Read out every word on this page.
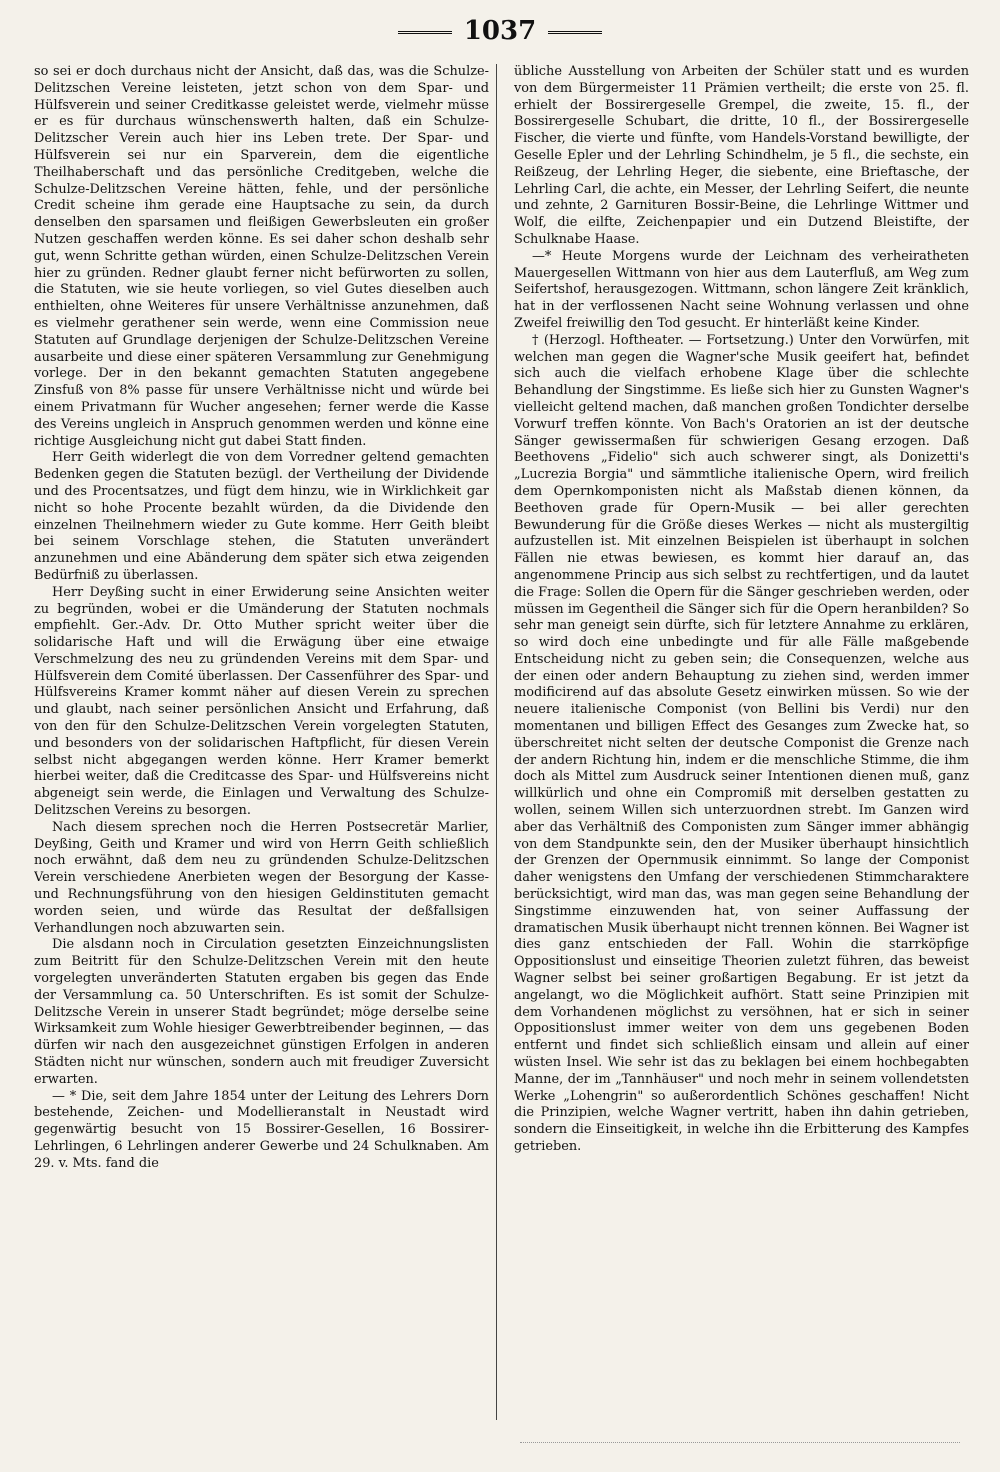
1037

so sei er doch durchaus nicht der Ansicht, daß das, was die Schulze-Delitzschen Vereine leisteten, jetzt schon von dem Spar- und Hülfsverein und seiner Creditkasse geleistet werde, vielmehr müsse er es für durchaus wünschenswerth halten, daß ein Schulze-Delitzscher Verein auch hier ins Leben trete. Der Spar- und Hülfsverein sei nur ein Sparverein, dem die eigentliche Theilhaberschaft und das persönliche Creditgeben, welche die Schulze-Delitzschen Vereine hätten, fehle, und der persönliche Credit scheine ihm gerade eine Hauptsache zu sein, da durch denselben den sparsamen und fleißigen Gewerbsleuten ein großer Nutzen geschaffen werden könne. Es sei daher schon deshalb sehr gut, wenn Schritte gethan würden, einen Schulze-Delitzschen Verein hier zu gründen. Redner glaubt ferner nicht befürworten zu sollen, die Statuten, wie sie heute vorliegen, so viel Gutes dieselben auch enthielten, ohne Weiteres für unsere Verhältnisse anzunehmen, daß es vielmehr gerathener sein werde, wenn eine Commission neue Statuten auf Grundlage derjenigen der Schulze-Delitzschen Vereine ausarbeite und diese einer späteren Versammlung zur Genehmigung vorlege. Der in den bekannt gemachten Statuten angegebene Zinsfuß von 8% passe für unsere Verhältnisse nicht und würde bei einem Privatmann für Wucher angesehen; ferner werde die Kasse des Vereins ungleich in Anspruch genommen werden und könne eine richtige Ausgleichung nicht gut dabei Statt finden.

Herr Geith widerlegt die von dem Vorredner geltend gemachten Bedenken gegen die Statuten bezügl. der Vertheilung der Dividende und des Procentsatzes, und fügt dem hinzu, wie in Wirklichkeit gar nicht so hohe Procente bezahlt würden, da die Dividende den einzelnen Theilnehmern wieder zu Gute komme. Herr Geith bleibt bei seinem Vorschlage stehen, die Statuten unverändert anzunehmen und eine Abänderung dem später sich etwa zeigenden Bedürfniß zu überlassen.

Herr Deyßing sucht in einer Erwiderung seine Ansichten weiter zu begründen, wobei er die Umänderung der Statuten nochmals empfiehlt. Ger.-Adv. Dr. Otto Muther spricht weiter über die solidarische Haft und will die Erwägung über eine etwaige Verschmelzung des neu zu gründenden Vereins mit dem Spar- und Hülfsverein dem Comité überlassen. Der Cassenführer des Spar- und Hülfsvereins Kramer kommt näher auf diesen Verein zu sprechen und glaubt, nach seiner persönlichen Ansicht und Erfahrung, daß von den für den Schulze-Delitzschen Verein vorgelegten Statuten, und besonders von der solidarischen Haftpflicht, für diesen Verein selbst nicht abgegangen werden könne. Herr Kramer bemerkt hierbei weiter, daß die Creditcasse des Spar- und Hülfsvereins nicht abgeneigt sein werde, die Einlagen und Verwaltung des Schulze-Delitzschen Vereins zu besorgen.

Nach diesem sprechen noch die Herren Postsecretär Marlier, Deyßing, Geith und Kramer und wird von Herrn Geith schließlich noch erwähnt, daß dem neu zu gründenden Schulze-Delitzschen Verein verschiedene Anerbieten wegen der Besorgung der Kasse- und Rechnungsführung von den hiesigen Geldinstituten gemacht worden seien, und würde das Resultat der deßfallsigen Verhandlungen noch abzuwarten sein.

Die alsdann noch in Circulation gesetzten Einzeichnungslisten zum Beitritt für den Schulze-Delitzschen Verein mit den heute vorgelegten unveränderten Statuten ergaben bis gegen das Ende der Versammlung ca. 50 Unterschriften. Es ist somit der Schulze-Delitzsche Verein in unserer Stadt begründet; möge derselbe seine Wirksamkeit zum Wohle hiesiger Gewerbtreibender beginnen, — das dürfen wir nach den ausgezeichnet günstigen Erfolgen in anderen Städten nicht nur wünschen, sondern auch mit freudiger Zuversicht erwarten.

— * Die, seit dem Jahre 1854 unter der Leitung des Lehrers Dorn bestehende, Zeichen- und Modellieranstalt in Neustadt wird gegenwärtig besucht von 15 Bossirer-Gesellen, 16 Bossirer-Lehrlingen, 6 Lehrlingen anderer Gewerbe und 24 Schulknaben. Am 29. v. Mts. fand die

übliche Ausstellung von Arbeiten der Schüler statt und es wurden von dem Bürgermeister 11 Prämien vertheilt; die erste von 25. fl. erhielt der Bossirergeselle Grempel, die zweite, 15. fl., der Bossirergeselle Schubart, die dritte, 10 fl., der Bossirergeselle Fischer, die vierte und fünfte, vom Handels-Vorstand bewilligte, der Geselle Epler und der Lehrling Schindhelm, je 5 fl., die sechste, ein Reißzeug, der Lehrling Heger, die siebente, eine Brieftasche, der Lehrling Carl, die achte, ein Messer, der Lehrling Seifert, die neunte und zehnte, 2 Garnituren Bossir-Beine, die Lehrlinge Wittmer und Wolf, die eilfte, Zeichenpapier und ein Dutzend Bleistifte, der Schulknabe Haase.

—* Heute Morgens wurde der Leichnam des verheiratheten Mauergesellen Wittmann von hier aus dem Lauterfluß, am Weg zum Seifertshof, herausgezogen. Wittmann, schon längere Zeit kränklich, hat in der verflossenen Nacht seine Wohnung verlassen und ohne Zweifel freiwillig den Tod gesucht. Er hinterläßt keine Kinder.

† (Herzogl. Hoftheater. — Fortsetzung.) Unter den Vorwürfen, mit welchen man gegen die Wagner'sche Musik geeifert hat, befindet sich auch die vielfach erhobene Klage über die schlechte Behandlung der Singstimme. Es ließe sich hier zu Gunsten Wagner's vielleicht geltend machen, daß manchen großen Tondichter derselbe Vorwurf treffen könnte. Von Bach's Oratorien an ist der deutsche Sänger gewissermaßen für schwierigen Gesang erzogen. Daß Beethovens „Fidelio" sich auch schwerer singt, als Donizetti's „Lucrezia Borgia" und sämmtliche italienische Opern, wird freilich dem Opernkomponisten nicht als Maßstab dienen können, da Beethoven grade für Opern-Musik — bei aller gerechten Bewunderung für die Größe dieses Werkes — nicht als mustergiltig aufzustellen ist. Mit einzelnen Beispielen ist überhaupt in solchen Fällen nie etwas bewiesen, es kommt hier darauf an, das angenommene Princip aus sich selbst zu rechtfertigen, und da lautet die Frage: Sollen die Opern für die Sänger geschrieben werden, oder müssen im Gegentheil die Sänger sich für die Opern heranbilden? So sehr man geneigt sein dürfte, sich für letztere Annahme zu erklären, so wird doch eine unbedingte und für alle Fälle maßgebende Entscheidung nicht zu geben sein; die Consequenzen, welche aus der einen oder andern Behauptung zu ziehen sind, werden immer modificirend auf das absolute Gesetz einwirken müssen. So wie der neuere italienische Componist (von Bellini bis Verdi) nur den momentanen und billigen Effect des Gesanges zum Zwecke hat, so überschreitet nicht selten der deutsche Componist die Grenze nach der andern Richtung hin, indem er die menschliche Stimme, die ihm doch als Mittel zum Ausdruck seiner Intentionen dienen muß, ganz willkürlich und ohne ein Compromiß mit derselben gestatten zu wollen, seinem Willen sich unterzuordnen strebt. Im Ganzen wird aber das Verhältniß des Componisten zum Sänger immer abhängig von dem Standpunkte sein, den der Musiker überhaupt hinsichtlich der Grenzen der Opernmusik einnimmt. So lange der Componist daher wenigstens den Umfang der verschiedenen Stimmcharaktere berücksichtigt, wird man das, was man gegen seine Behandlung der Singstimme einzuwenden hat, von seiner Auffassung der dramatischen Musik überhaupt nicht trennen können. Bei Wagner ist dies ganz entschieden der Fall. Wohin die starrköpfige Oppositionslust und einseitige Theorien zuletzt führen, das beweist Wagner selbst bei seiner großartigen Begabung. Er ist jetzt da angelangt, wo die Möglichkeit aufhört. Statt seine Prinzipien mit dem Vorhandenen möglichst zu versöhnen, hat er sich in seiner Oppositionslust immer weiter von dem uns gegebenen Boden entfernt und findet sich schließlich einsam und allein auf einer wüsten Insel. Wie sehr ist das zu beklagen bei einem hochbegabten Manne, der im „Tannhäuser" und noch mehr in seinem vollendetsten Werke „Lohengrin" so außerordentlich Schönes geschaffen! Nicht die Prinzipien, welche Wagner vertritt, haben ihn dahin getrieben, sondern die Einseitigkeit, in welche ihn die Erbitterung des Kampfes getrieben.
